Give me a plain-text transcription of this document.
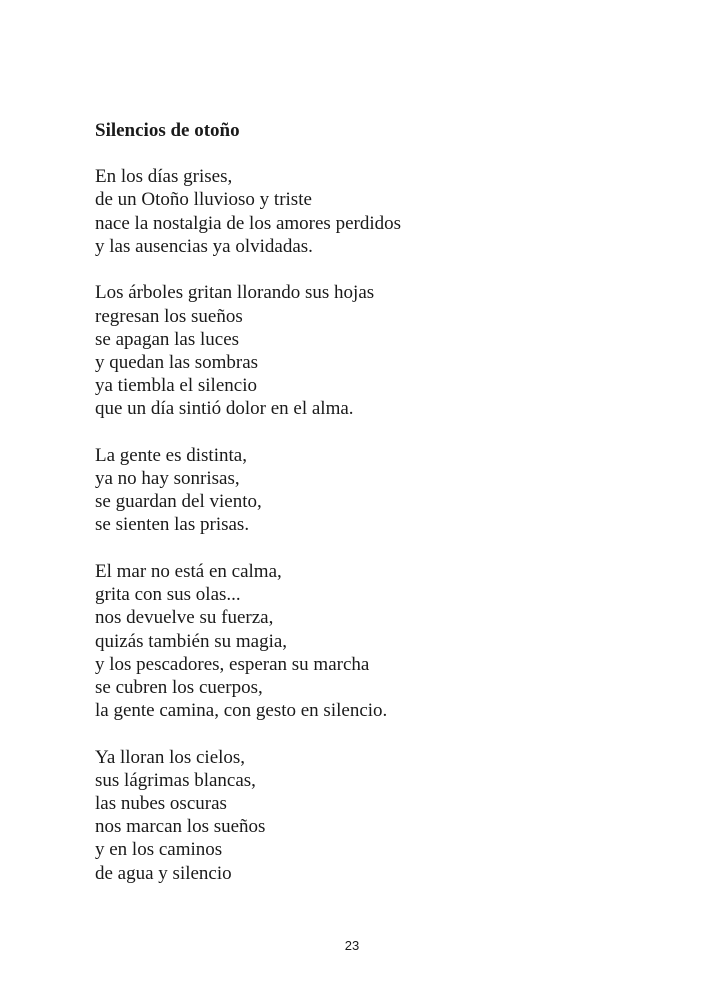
Silencios de otoño
En los días grises,
de un Otoño lluvioso y triste
nace la nostalgia de los amores perdidos
y las ausencias ya olvidadas.
Los árboles gritan llorando sus hojas
regresan los sueños
se apagan las luces
y quedan las sombras
ya tiembla el silencio
que un día sintió dolor en el alma.
La gente es distinta,
ya no hay sonrisas,
se guardan del viento,
se sienten las prisas.
El mar no está en calma,
grita con sus olas...
nos devuelve su fuerza,
quizás también su magia,
y los pescadores, esperan su marcha
se cubren los cuerpos,
la gente camina, con gesto en silencio.
Ya lloran los cielos,
sus lágrimas blancas,
las nubes oscuras
nos marcan los sueños
y en los caminos
de agua y silencio
23
